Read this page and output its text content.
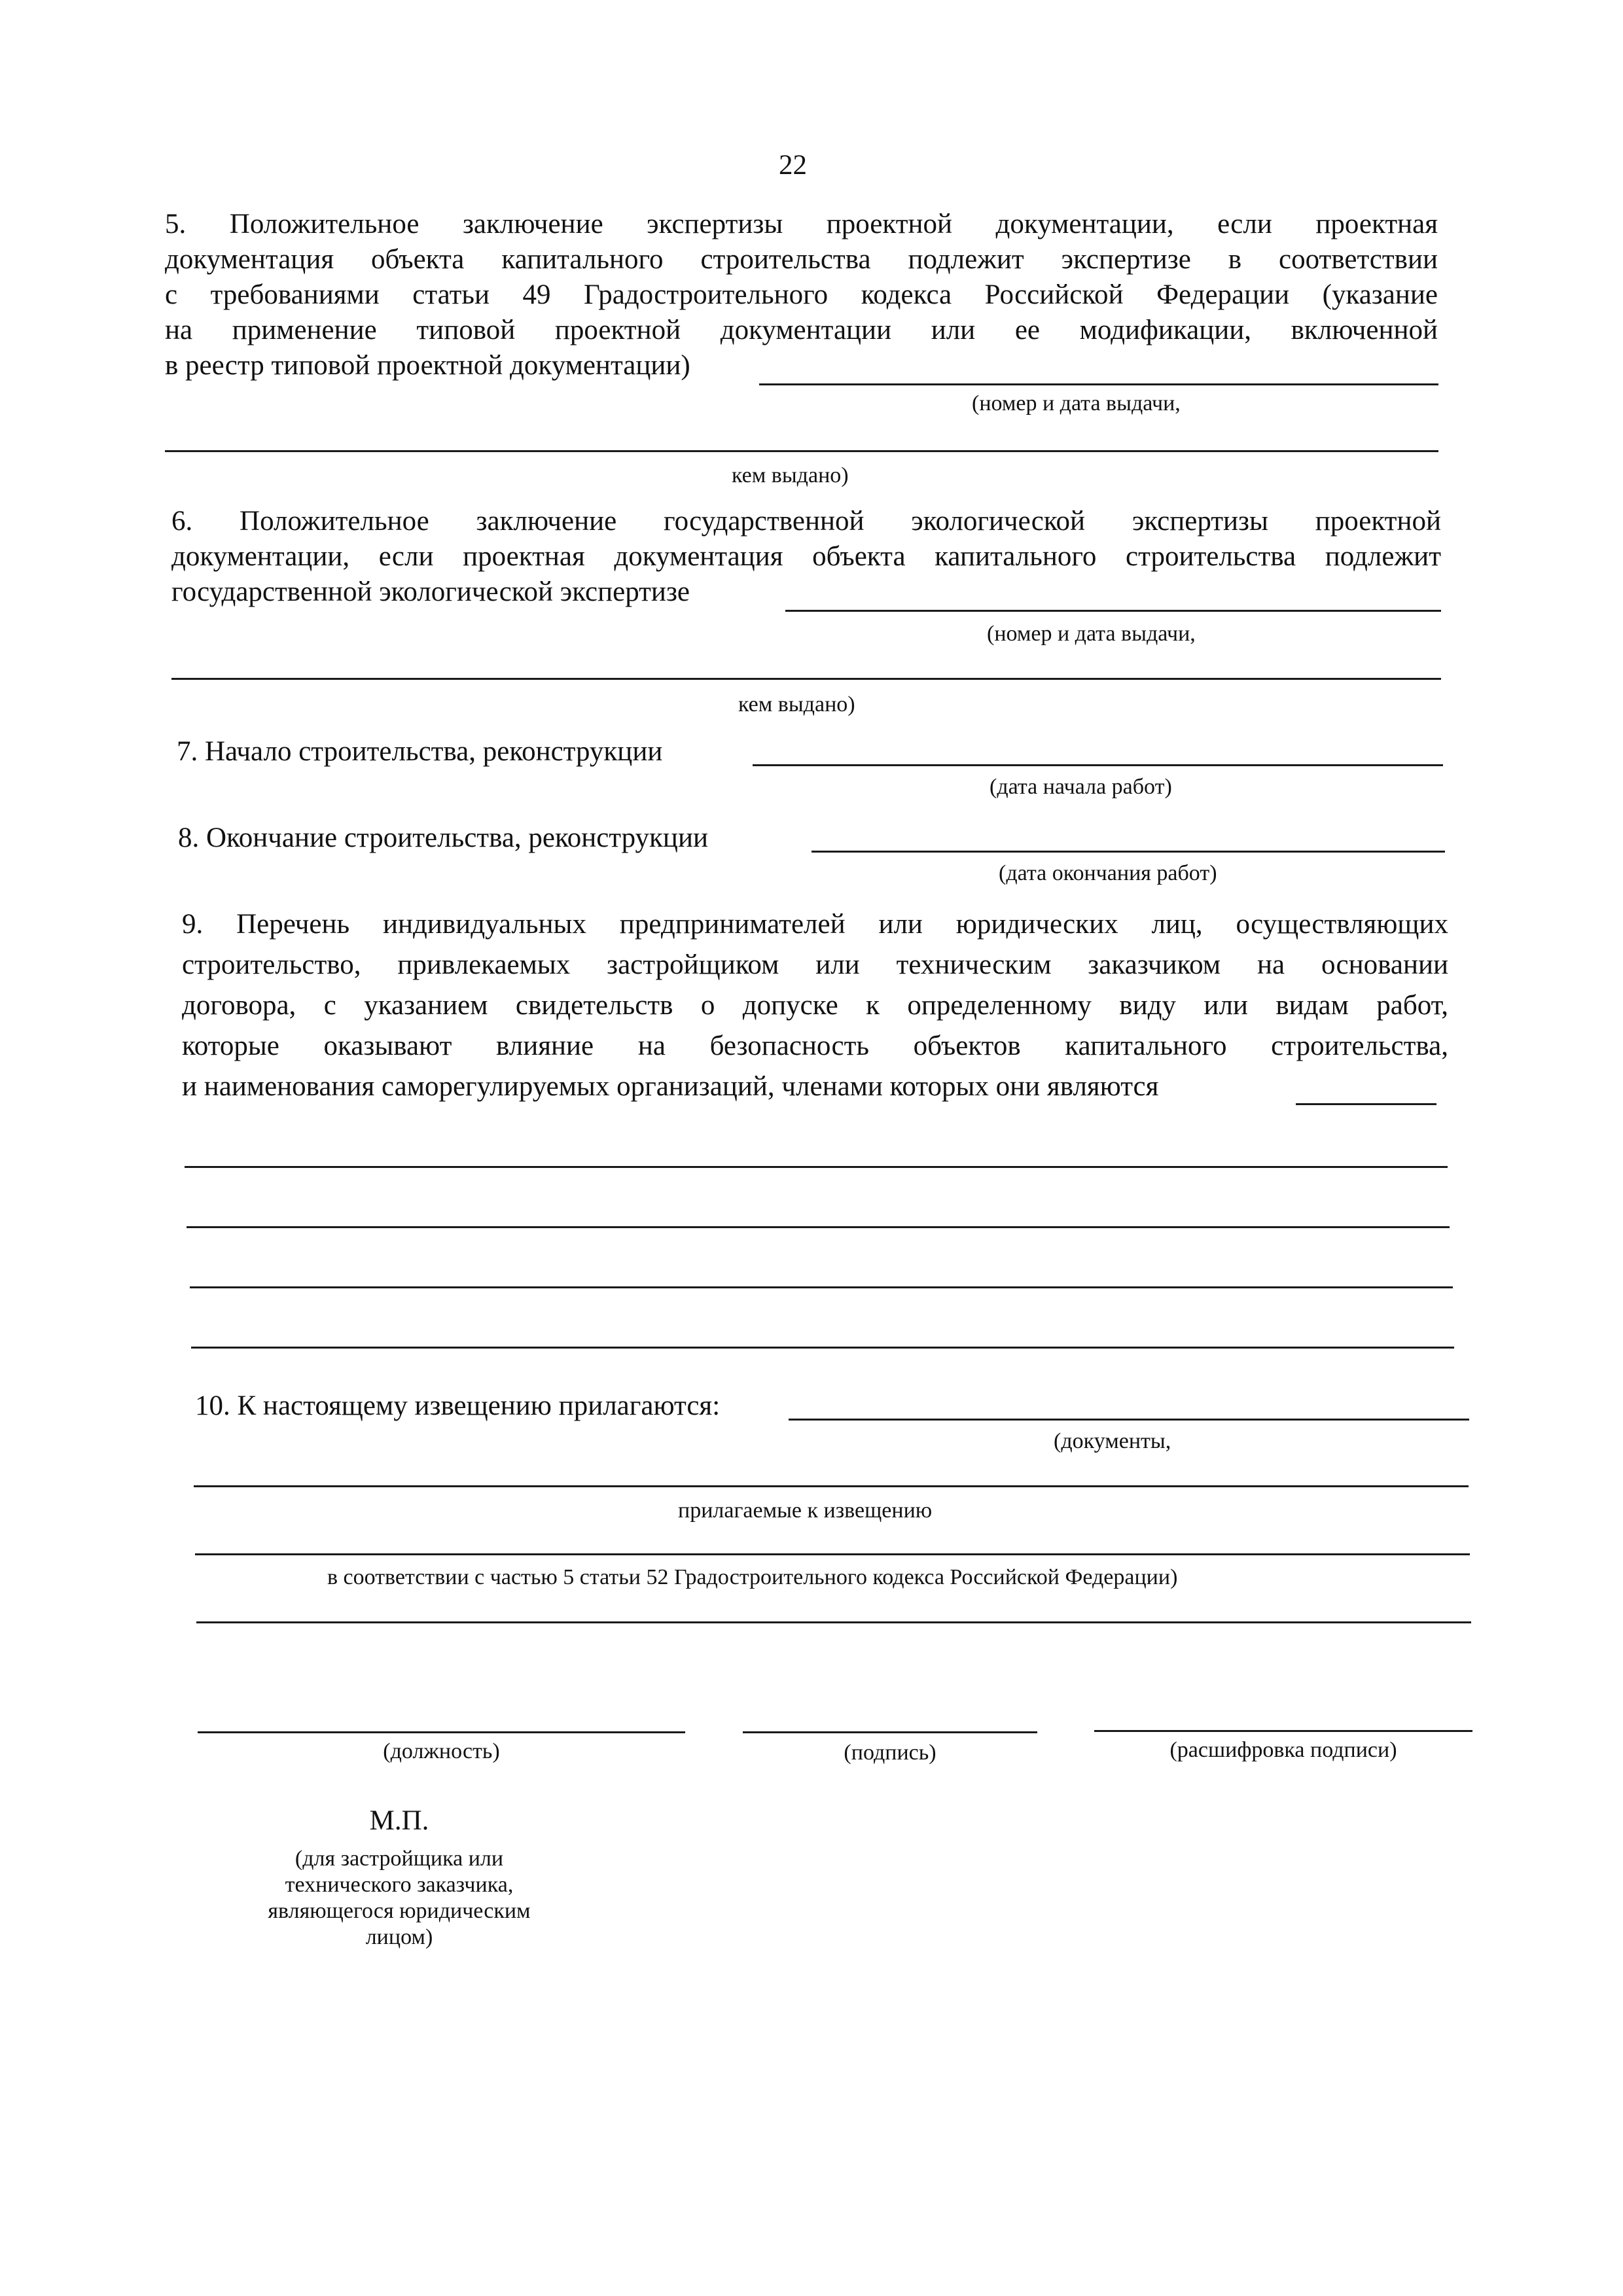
22
5. Положительное заключение экспертизы проектной документации, если проектная
документация объекта капитального строительства подлежит экспертизе в соответствии
с требованиями статьи 49 Градостроительного кодекса Российской Федерации (указание
на применение типовой проектной документации или ее модификации, включенной
в реестр типовой проектной документации)
(номер и дата выдачи,
кем выдано)
6. Положительное заключение государственной экологической экспертизы проектной
документации, если проектная документация объекта капитального строительства подлежит
государственной экологической экспертизе
(номер и дата выдачи,
кем выдано)
7. Начало строительства, реконструкции
(дата начала работ)
8. Окончание строительства, реконструкции
(дата окончания работ)
9. Перечень индивидуальных предпринимателей или юридических лиц, осуществляющих
строительство, привлекаемых застройщиком или техническим заказчиком на основании
договора, с указанием свидетельств о допуске к определенному виду или видам работ,
которые оказывают влияние на безопасность объектов капитального строительства,
и наименования саморегулируемых организаций, членами которых они являются
10. К настоящему извещению прилагаются:
(документы,
прилагаемые к извещению
в соответствии с частью 5 статьи 52 Градостроительного кодекса Российской Федерации)
(должность)	(подпись)	(расшифровка подписи)
М.П.
(для застройщика или
технического заказчика,
являющегося юридическим
лицом)
